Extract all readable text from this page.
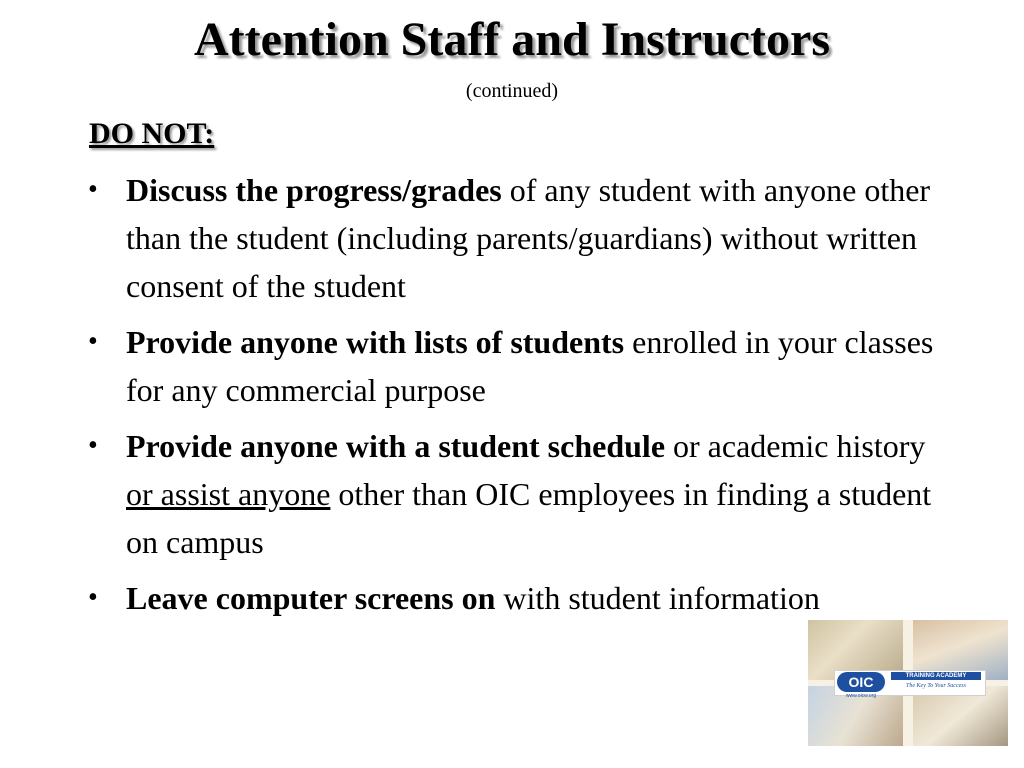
Attention Staff and Instructors
(continued)
DO NOT:
• Discuss the progress/grades of any student with anyone other than the student (including parents/guardians) without written consent of the student
• Provide anyone with lists of students enrolled in your classes for any commercial purpose
• Provide anyone with a student schedule or academic history or assist anyone other than OIC employees in finding a student on campus
• Leave computer screens on with student information
OIC	TRAINING ACADEMY
The Key To Your Success
www.oicw.org
